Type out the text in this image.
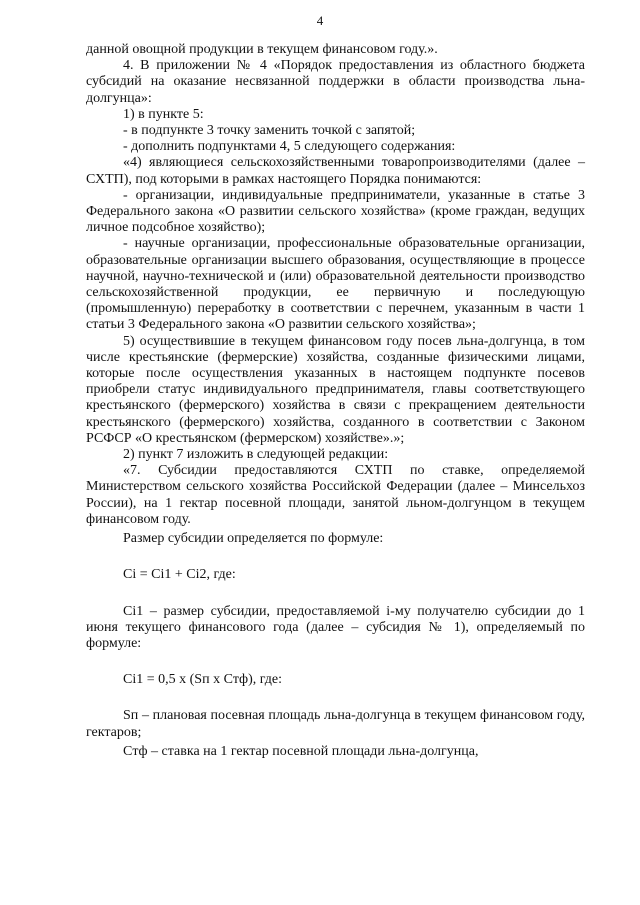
4

данной овощной продукции в текущем финансовом году.».

4. В приложении № 4 «Порядок предоставления из областного бюджета субсидий на оказание несвязанной поддержки в области производства льна-долгунца»:

1) в пункте 5:

- в подпункте 3 точку заменить точкой с запятой;

- дополнить подпунктами 4, 5 следующего содержания:

«4) являющиеся сельскохозяйственными товаропроизводителями (далее – СХТП), под которыми в рамках настоящего Порядка понимаются:

- организации, индивидуальные предприниматели, указанные в статье 3 Федерального закона «О развитии сельского хозяйства» (кроме граждан, ведущих личное подсобное хозяйство);

- научные организации, профессиональные образовательные организации, образовательные организации высшего образования, осуществляющие в процессе научной, научно-технической и (или) образовательной деятельности производство сельскохозяйственной продукции, ее первичную и последующую (промышленную) переработку в соответствии с перечнем, указанным в части 1 статьи 3 Федерального закона «О развитии сельского хозяйства»;

5) осуществившие в текущем финансовом году посев льна-долгунца, в том числе крестьянские (фермерские) хозяйства, созданные физическими лицами, которые после осуществления указанных в настоящем подпункте посевов приобрели статус индивидуального предпринимателя, главы соответствующего крестьянского (фермерского) хозяйства в связи с прекращением деятельности крестьянского (фермерского) хозяйства, созданного в соответствии с Законом РСФСР «О крестьянском (фермерском) хозяйстве».»;

2) пункт 7 изложить в следующей редакции:

«7. Субсидии предоставляются СХТП по ставке, определяемой Министерством сельского хозяйства Российской Федерации (далее – Минсельхоз России), на 1 гектар посевной площади, занятой льном-долгунцом в текущем финансовом году.

Размер субсидии определяется по формуле:

Ci = Ci1 + Ci2, где:

Ci1 – размер субсидии, предоставляемой i-му получателю субсидии до 1 июня текущего финансового года (далее – субсидия № 1), определяемый по формуле:

Ci1 = 0,5 x (Sп x Cтф), где:

Sп – плановая посевная площадь льна-долгунца в текущем финансовом году, гектаров;

Cтф – ставка на 1 гектар посевной площади льна-долгунца,
